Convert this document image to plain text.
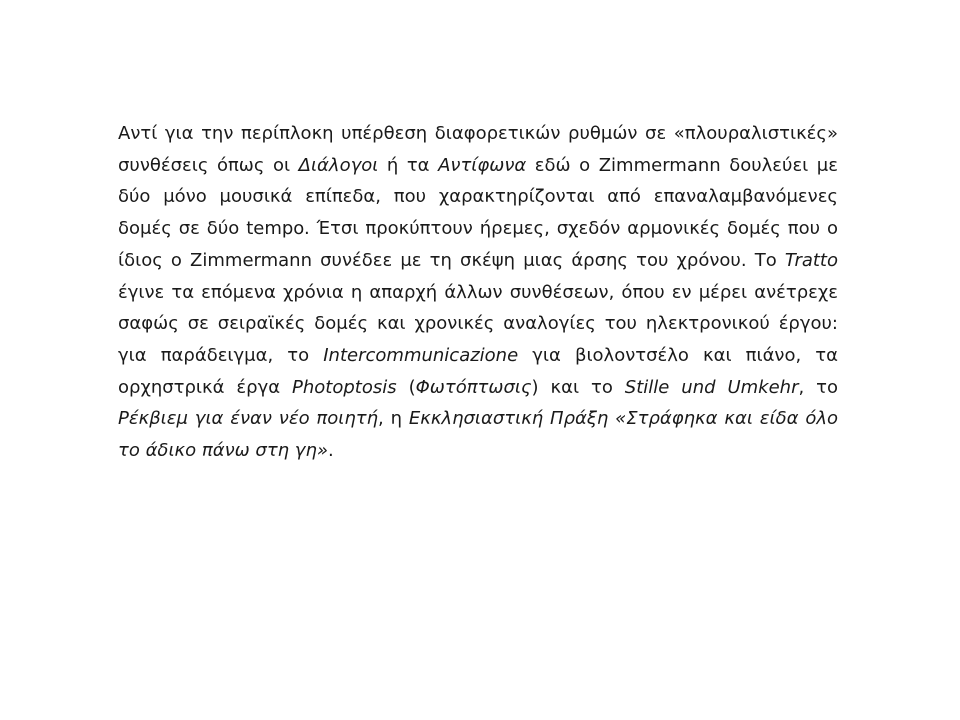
Αντί για την περίπλοκη υπέρθεση διαφορετικών ρυθμών σε «πλουραλιστικές» συνθέσεις όπως οι Διάλογοι ή τα Αντίφωνα εδώ ο Zimmermann δουλεύει με δύο μόνο μουσικά επίπεδα, που χαρακτηρίζονται από επαναλαμβανόμενες δομές σε δύο tempo. Έτσι προκύπτουν ήρεμες, σχεδόν αρμονικές δομές που ο ίδιος ο Zimmermann συνέδεε με τη σκέψη μιας άρσης του χρόνου. Το Tratto έγινε τα επόμενα χρόνια η απαρχή άλλων συνθέσεων, όπου εν μέρει ανέτρεχε σαφώς σε σειραϊκές δομές και χρονικές αναλογίες του ηλεκτρονικού έργου: για παράδειγμα, το Intercommunicazione για βιολοντσέλο και πιάνο, τα ορχηστρικά έργα Photoptosis (Φωτόπτωσις) και το Stille und Umkehr, το Ρέκβιεμ για έναν νέο ποιητή, η Εκκλησιαστική Πράξη «Στράφηκα και είδα όλο το άδικο πάνω στη γη».
